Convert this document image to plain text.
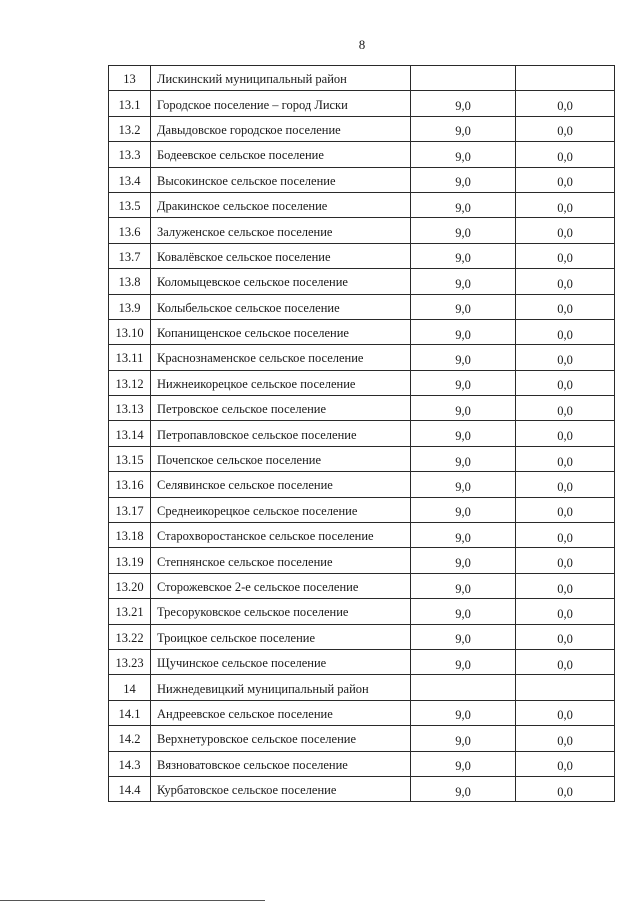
8
13	Лискинский муниципальный район		
13.1	Городское поселение – город Лиски	9,0	0,0
13.2	Давыдовское городское поселение	9,0	0,0
13.3	Бодеевское сельское поселение	9,0	0,0
13.4	Высокинское сельское поселение	9,0	0,0
13.5	Дракинское сельское поселение	9,0	0,0
13.6	Залуженское сельское поселение	9,0	0,0
13.7	Ковалёвское сельское поселение	9,0	0,0
13.8	Коломыцевское сельское поселение	9,0	0,0
13.9	Колыбельское сельское поселение	9,0	0,0
13.10	Копанищенское сельское поселение	9,0	0,0
13.11	Краснознаменское сельское поселение	9,0	0,0
13.12	Нижнеикорецкое сельское поселение	9,0	0,0
13.13	Петровское сельское поселение	9,0	0,0
13.14	Петропавловское сельское поселение	9,0	0,0
13.15	Почепское сельское поселение	9,0	0,0
13.16	Селявинское сельское поселение	9,0	0,0
13.17	Среднеикорецкое сельское поселение	9,0	0,0
13.18	Старохворостанское сельское поселение	9,0	0,0
13.19	Степнянское сельское поселение	9,0	0,0
13.20	Сторожевское 2-е сельское поселение	9,0	0,0
13.21	Тресоруковское сельское поселение	9,0	0,0
13.22	Троицкое сельское поселение	9,0	0,0
13.23	Щучинское сельское поселение	9,0	0,0
14	Нижнедевицкий муниципальный район		
14.1	Андреевское сельское поселение	9,0	0,0
14.2	Верхнетуровское сельское поселение	9,0	0,0
14.3	Вязноватовское сельское поселение	9,0	0,0
14.4	Курбатовское сельское поселение	9,0	0,0
